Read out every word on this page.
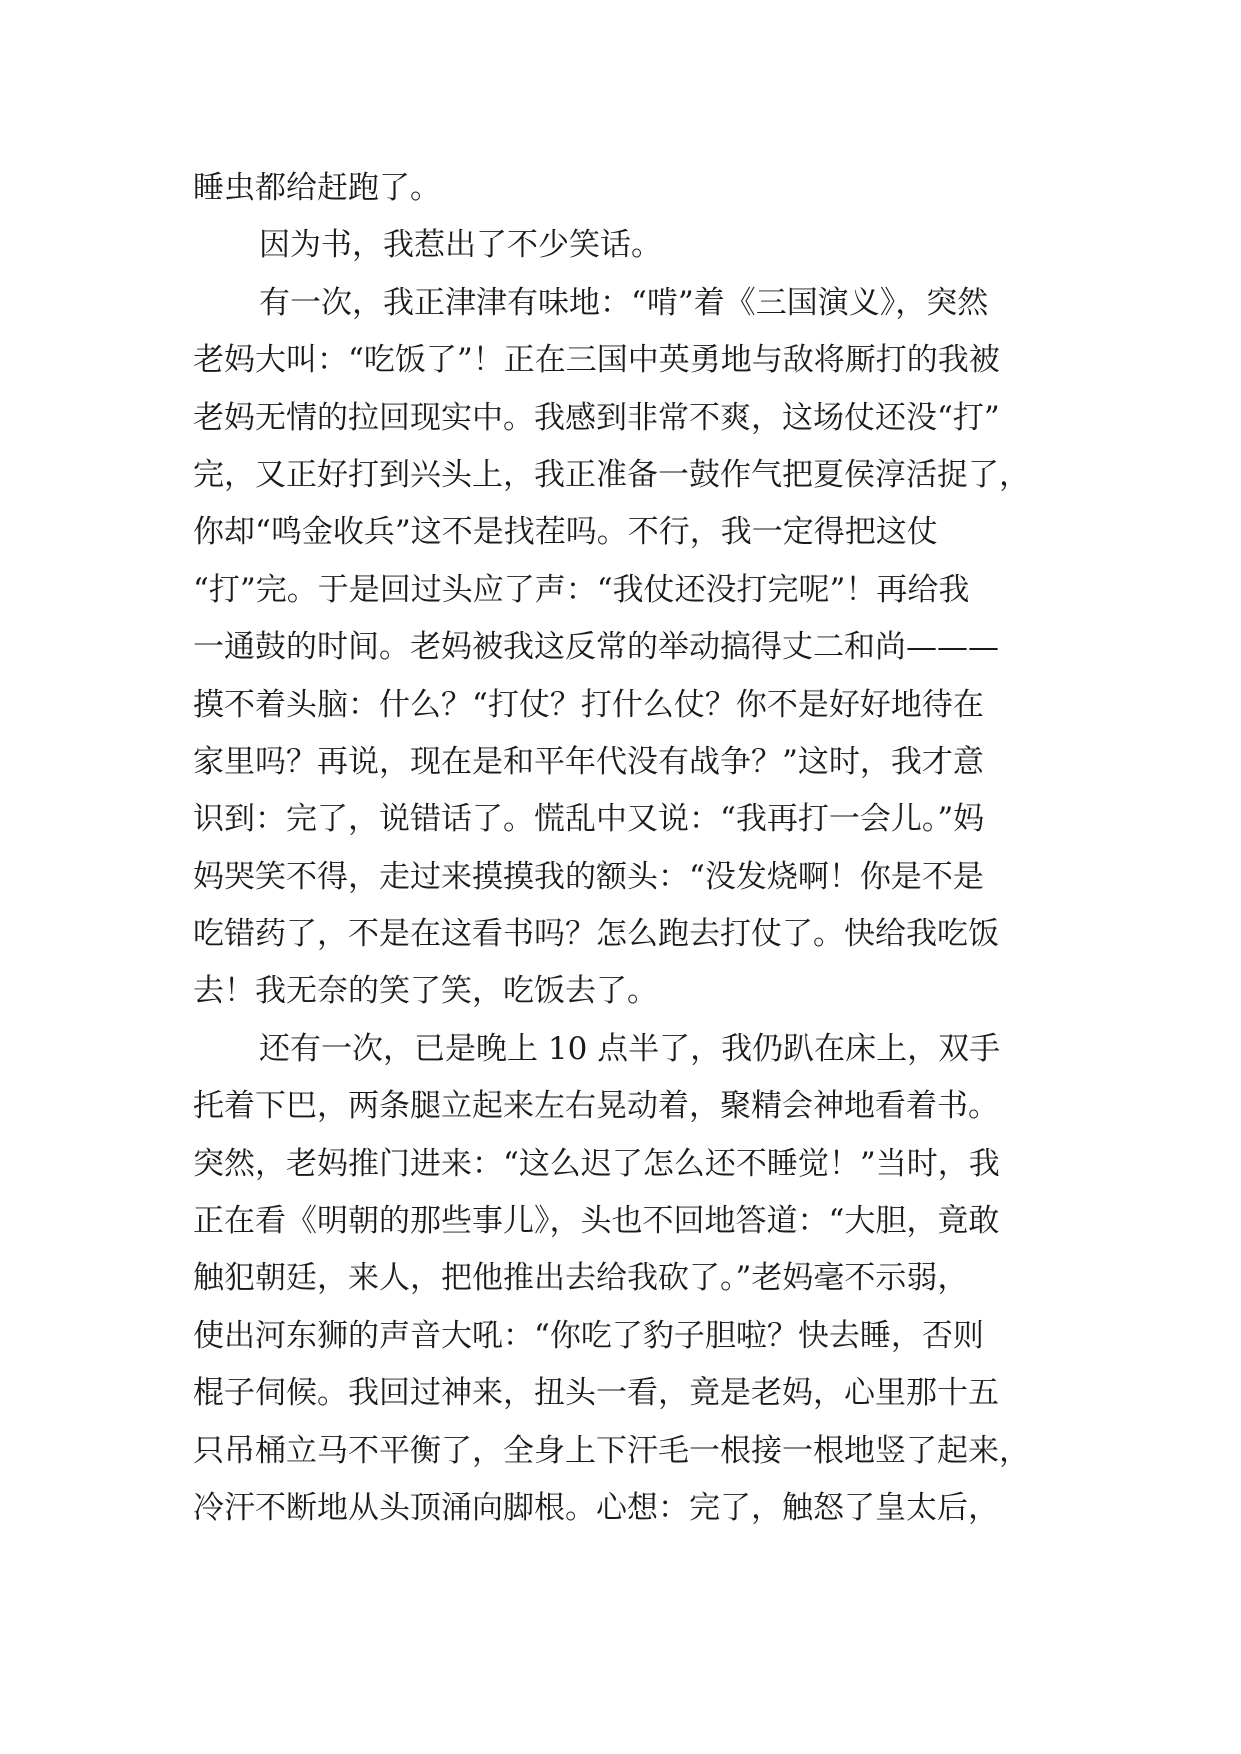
睡虫都给赶跑了。
因为书，我惹出了不少笑话。
有一次，我正津津有味地：“啃”着《三国演义》，突然
老妈大叫：“吃饭了”！正在三国中英勇地与敌将厮打的我被
老妈无情的拉回现实中。我感到非常不爽，这场仗还没“打”
完，又正好打到兴头上，我正准备一鼓作气把夏侯淳活捉了，
你却“鸣金收兵”这不是找茬吗。不行，我一定得把这仗
“打”完。于是回过头应了声：“我仗还没打完呢”！再给我
一通鼓的时间。老妈被我这反常的举动搞得丈二和尚———
摸不着头脑：什么？“打仗？打什么仗？你不是好好地待在
家里吗？再说，现在是和平年代没有战争？”这时，我才意
识到：完了，说错话了。慌乱中又说：“我再打一会儿。”妈
妈哭笑不得，走过来摸摸我的额头：“没发烧啊！你是不是
吃错药了，不是在这看书吗？怎么跑去打仗了。快给我吃饭
去！我无奈的笑了笑，吃饭去了。
还有一次，已是晚上 10 点半了，我仍趴在床上，双手
托着下巴，两条腿立起来左右晃动着，聚精会神地看着书。
突然，老妈推门进来：“这么迟了怎么还不睡觉！”当时，我
正在看《明朝的那些事儿》，头也不回地答道：“大胆，竟敢
触犯朝廷，来人，把他推出去给我砍了。”老妈毫不示弱，
使出河东狮的声音大吼：“你吃了豹子胆啦？快去睡，否则
棍子伺候。我回过神来，扭头一看，竟是老妈，心里那十五
只吊桶立马不平衡了，全身上下汗毛一根接一根地竖了起来，
冷汗不断地从头顶涌向脚根。心想：完了，触怒了皇太后，
